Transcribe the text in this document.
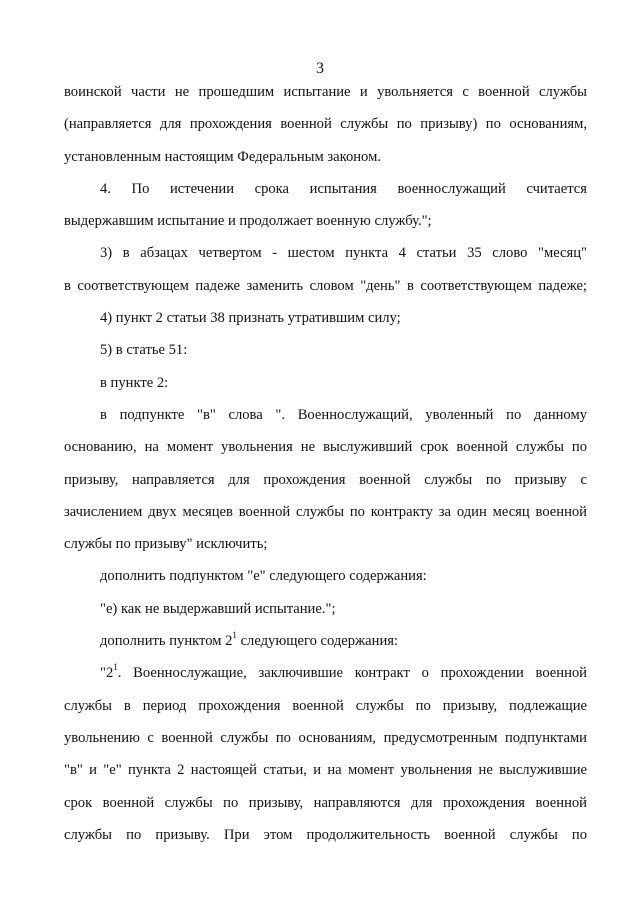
3
воинской части не прошедшим испытание и увольняется с военной службы
(направляется для прохождения военной службы по призыву) по основаниям,
установленным настоящим Федеральным законом.
4. По истечении срока испытания военнослужащий считается
выдержавшим испытание и продолжает военную службу.";
3) в абзацах четвертом - шестом пункта 4 статьи 35 слово "месяц"
в соответствующем падеже заменить словом "день" в соответствующем падеже;
4) пункт 2 статьи 38 признать утратившим силу;
5) в статье 51:
в пункте 2:
в подпункте "в" слова ". Военнослужащий, уволенный по данному
основанию, на момент увольнения не выслуживший срок военной службы по
призыву, направляется для прохождения военной службы по призыву с
зачислением двух месяцев военной службы по контракту за один месяц военной
службы по призыву" исключить;
дополнить подпунктом "е" следующего содержания:
"е) как не выдержавший испытание.";
дополнить пунктом $2^1$ следующего содержания:
"$2^1$. Военнослужащие, заключившие контракт о прохождении военной
службы в период прохождения военной службы по призыву, подлежащие
увольнению с военной службы по основаниям, предусмотренным подпунктами
"в" и "е" пункта 2 настоящей статьи, и на момент увольнения не выслужившие
срок военной службы по призыву, направляются для прохождения военной
службы по призыву. При этом продолжительность военной службы по
